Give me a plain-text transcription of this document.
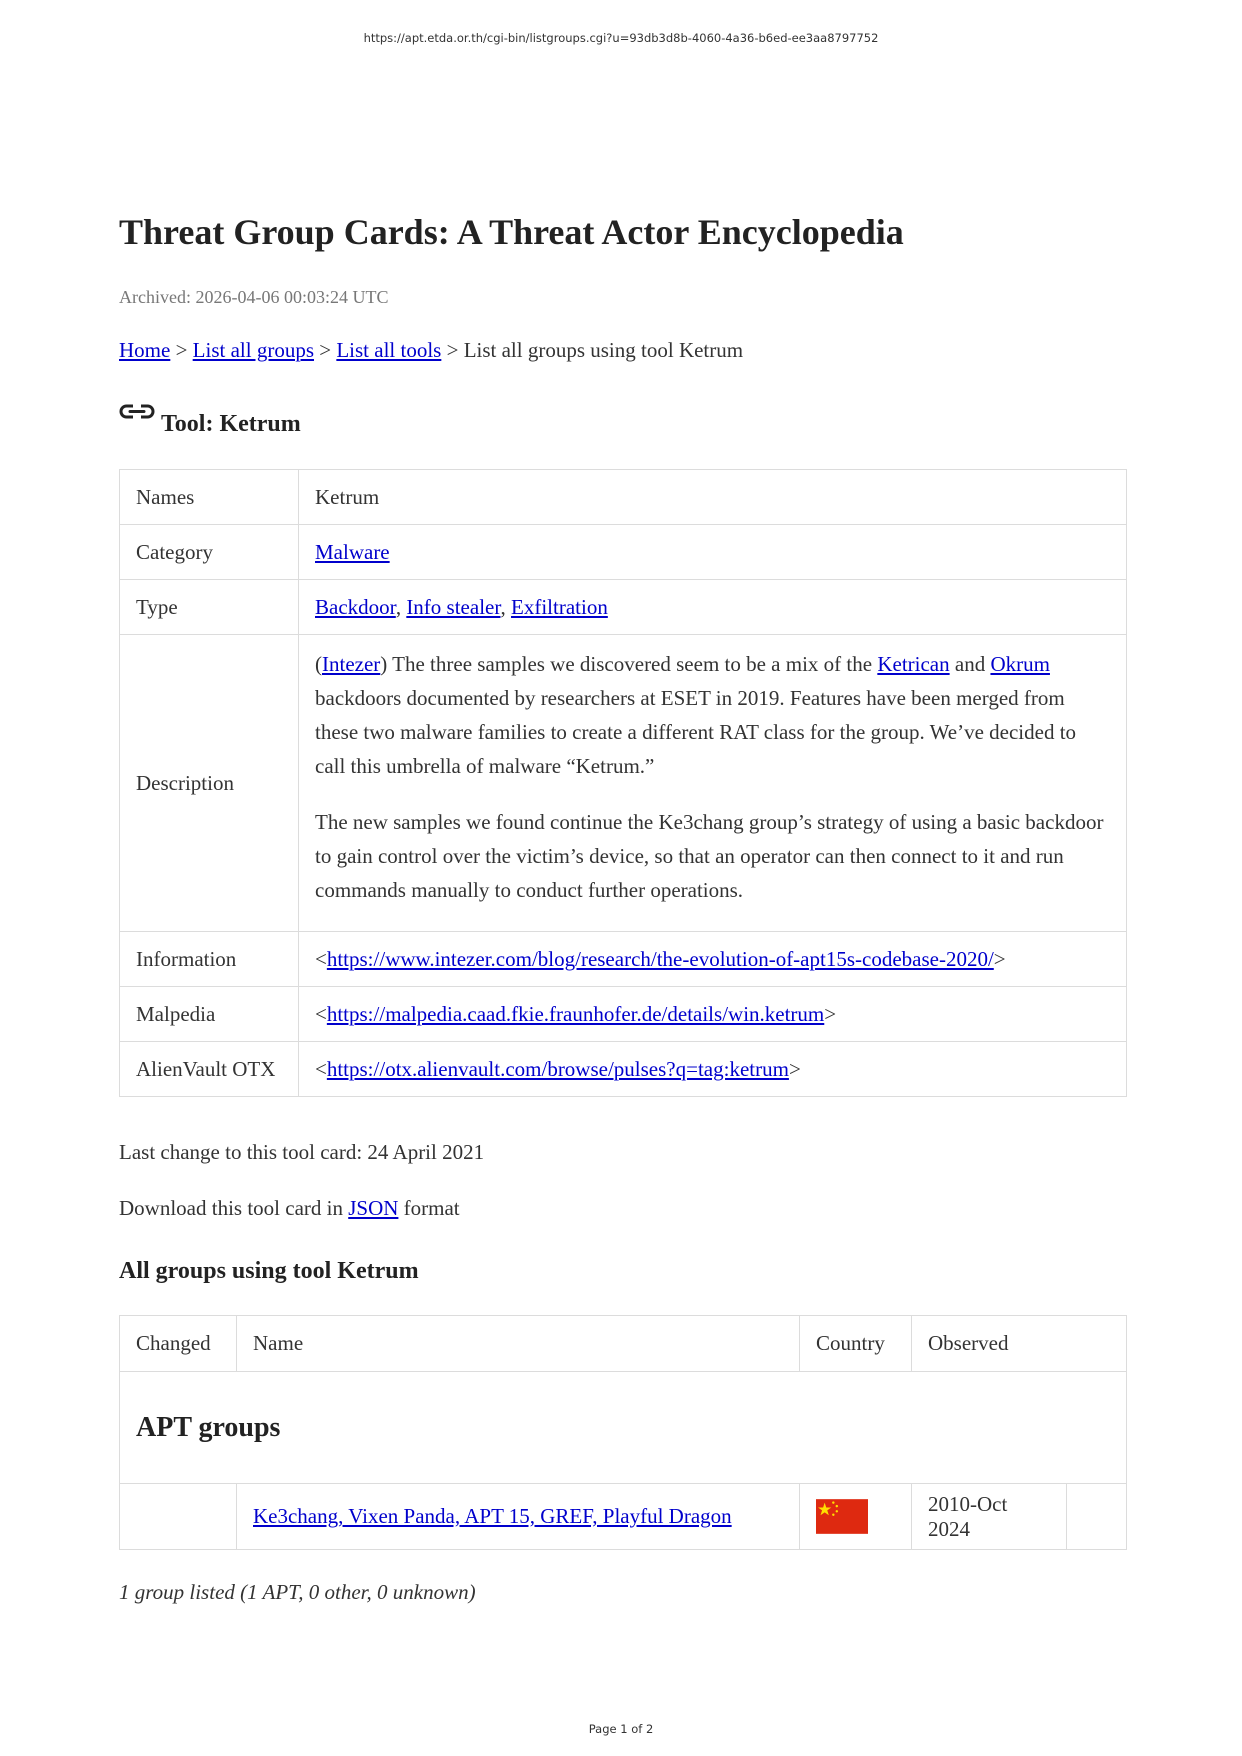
https://apt.etda.or.th/cgi-bin/listgroups.cgi?u=93db3d8b-4060-4a36-b6ed-ee3aa8797752
Threat Group Cards: A Threat Actor Encyclopedia
Archived: 2026-04-06 00:03:24 UTC
Home > List all groups > List all tools > List all groups using tool Ketrum
Tool: Ketrum
Names	Ketrum
Category	Malware
Type	Backdoor, Info stealer, Exfiltration
Description	(Intezer) The three samples we discovered seem to be a mix of the Ketrican and Okrum backdoors documented by researchers at ESET in 2019. Features have been merged from these two malware families to create a different RAT class for the group. We’ve decided to call this umbrella of malware “Ketrum.”

The new samples we found continue the Ke3chang group’s strategy of using a basic backdoor to gain control over the victim’s device, so that an operator can then connect to it and run commands manually to conduct further operations.

Information	<https://www.intezer.com/blog/research/the-evolution-of-apt15s-codebase-2020/>
Malpedia	<https://malpedia.caad.fkie.fraunhofer.de/details/win.ketrum>
AlienVault OTX	<https://otx.alienvault.com/browse/pulses?q=tag:ketrum>
Last change to this tool card: 24 April 2021
Download this tool card in JSON format
All groups using tool Ketrum
Changed	Name	Country	Observed	
APT groups				
	Ke3chang, Vixen Panda, APT 15, GREF, Playful Dragon		2010-Oct 2024	
1 group listed (1 APT, 0 other, 0 unknown)
Page 1 of 2
